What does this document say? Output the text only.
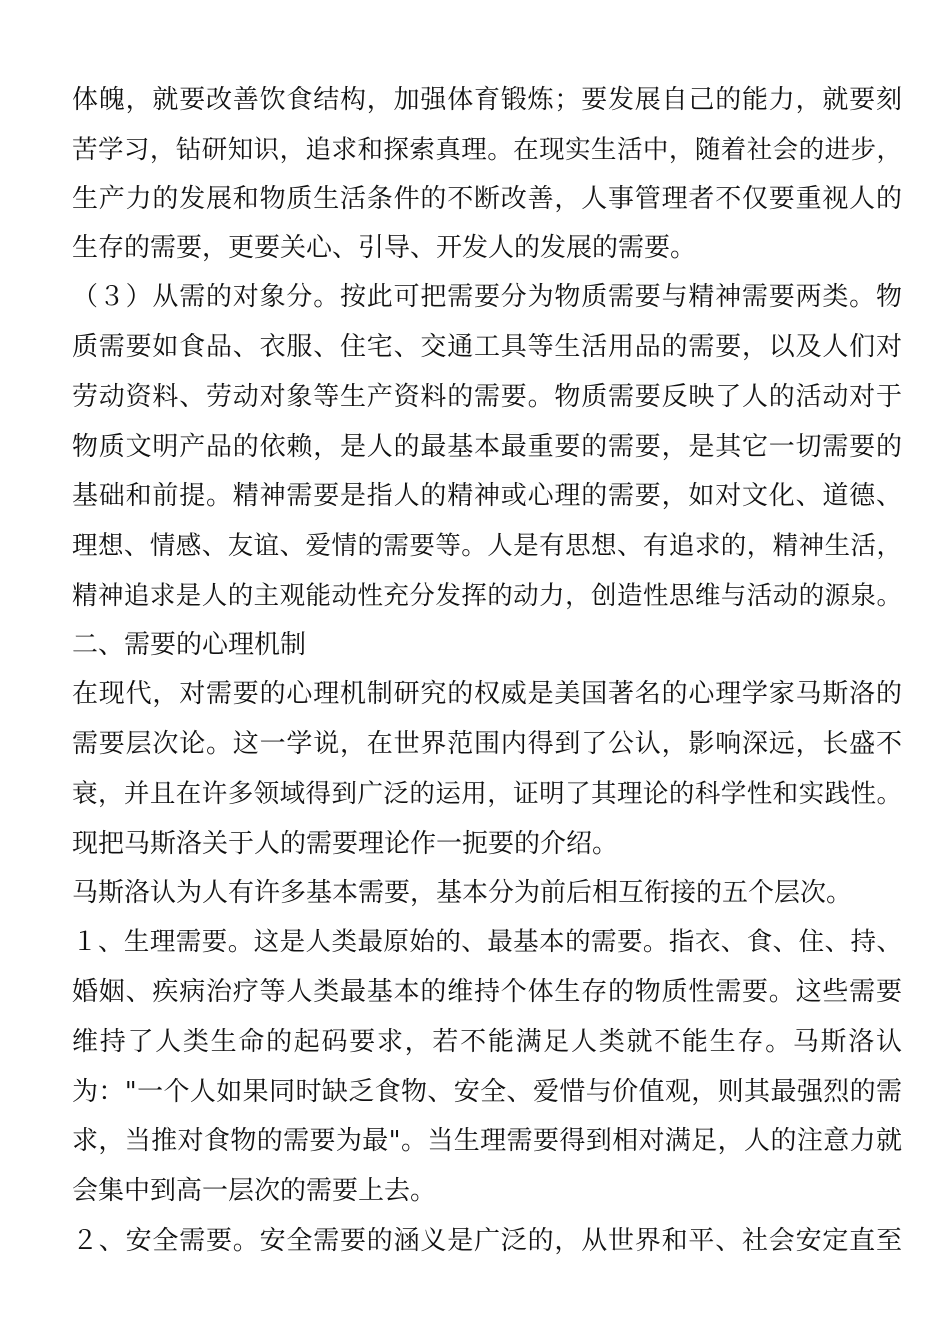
体魄，就要改善饮食结构，加强体育锻炼；要发展自己的能力，就要刻
苦学习，钻研知识，追求和探索真理。在现实生活中，随着社会的进步，
生产力的发展和物质生活条件的不断改善，人事管理者不仅要重视人的
生存的需要，更要关心、引导、开发人的发展的需要。
（３）从需的对象分。按此可把需要分为物质需要与精神需要两类。物
质需要如食品、衣服、住宅、交通工具等生活用品的需要，以及人们对
劳动资料、劳动对象等生产资料的需要。物质需要反映了人的活动对于
物质文明产品的依赖，是人的最基本最重要的需要，是其它一切需要的
基础和前提。精神需要是指人的精神或心理的需要，如对文化、道德、
理想、情感、友谊、爱情的需要等。人是有思想、有追求的，精神生活，
精神追求是人的主观能动性充分发挥的动力，创造性思维与活动的源泉。
二、需要的心理机制
在现代，对需要的心理机制研究的权威是美国著名的心理学家马斯洛的
需要层次论。这一学说，在世界范围内得到了公认，影响深远，长盛不
衰，并且在许多领域得到广泛的运用，证明了其理论的科学性和实践性。
现把马斯洛关于人的需要理论作一扼要的介绍。
马斯洛认为人有许多基本需要，基本分为前后相互衔接的五个层次。
１、生理需要。这是人类最原始的、最基本的需要。指衣、食、住、持、
婚姻、疾病治疗等人类最基本的维持个体生存的物质性需要。这些需要
维持了人类生命的起码要求，若不能满足人类就不能生存。马斯洛认
为："一个人如果同时缺乏食物、安全、爱惜与价值观，则其最强烈的需
求，当推对食物的需要为最"。当生理需要得到相对满足，人的注意力就
会集中到高一层次的需要上去。
２、安全需要。安全需要的涵义是广泛的，从世界和平、社会安定直至
